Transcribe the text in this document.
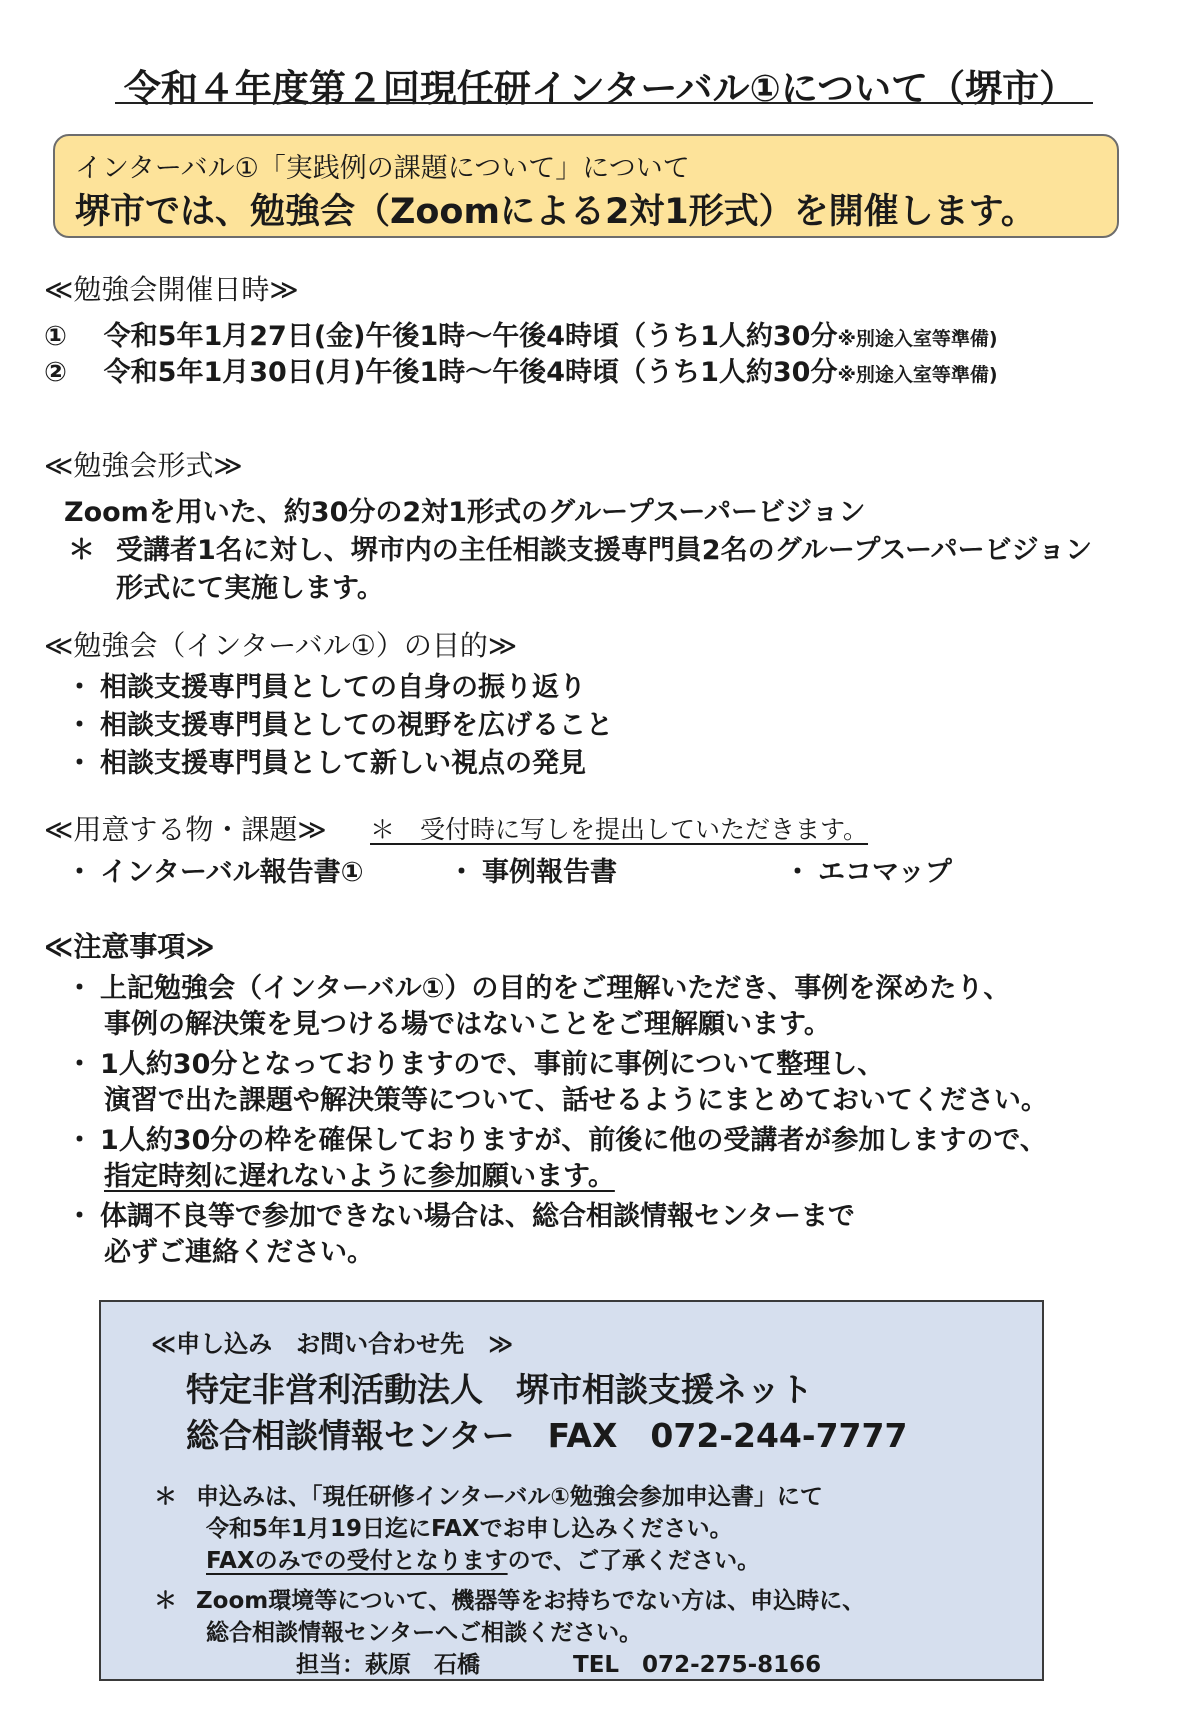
令和４年度第２回現任研インターバル①について（堺市）
インターバル①「実践例の課題について」について
堺市では、勉強会（Zoomによる2対1形式）を開催します。
≪勉強会開催日時≫
① 令和5年1月27日(金)午後1時～午後4時頃（うち1人約30分※別途入室等準備)
② 令和5年1月30日(月)午後1時～午後4時頃（うち1人約30分※別途入室等準備)
≪勉強会形式≫
Zoomを用いた、約30分の2対1形式のグループスーパービジョン
＊ 受講者1名に対し、堺市内の主任相談支援専門員2名のグループスーパービジョン
形式にて実施します。
≪勉強会（インターバル①）の目的≫
・ 相談支援専門員としての自身の振り返り
・ 相談支援専門員としての視野を広げること
・ 相談支援専門員として新しい視点の発見
≪用意する物・課題≫ ＊　受付時に写しを提出していただきます。
・ インターバル報告書①	・ 事例報告書	・ エコマップ
≪注意事項≫
・ 上記勉強会（インターバル①）の目的をご理解いただき、事例を深めたり、
事例の解決策を見つける場ではないことをご理解願います。
・ 1人約30分となっておりますので、事前に事例について整理し、
演習で出た課題や解決策等について、話せるようにまとめておいてください。
・ 1人約30分の枠を確保しておりますが、前後に他の受講者が参加しますので、
指定時刻に遅れないように参加願います。
・ 体調不良等で参加できない場合は、総合相談情報センターまで
必ずご連絡ください。
≪申し込み　お問い合わせ先　≫
特定非営利活動法人　堺市相談支援ネット
総合相談情報センター　FAX　072-244-7777
＊ 申込みは、「現任研修インターバル①勉強会参加申込書」にて
令和5年1月19日迄にFAXでお申し込みください。
FAXのみでの受付となりますので、ご了承ください。
＊ Zoom環境等について、機器等をお持ちでない方は、申込時に、
総合相談情報センターへご相談ください。
担当：萩原　石橋	TEL　072-275-8166
